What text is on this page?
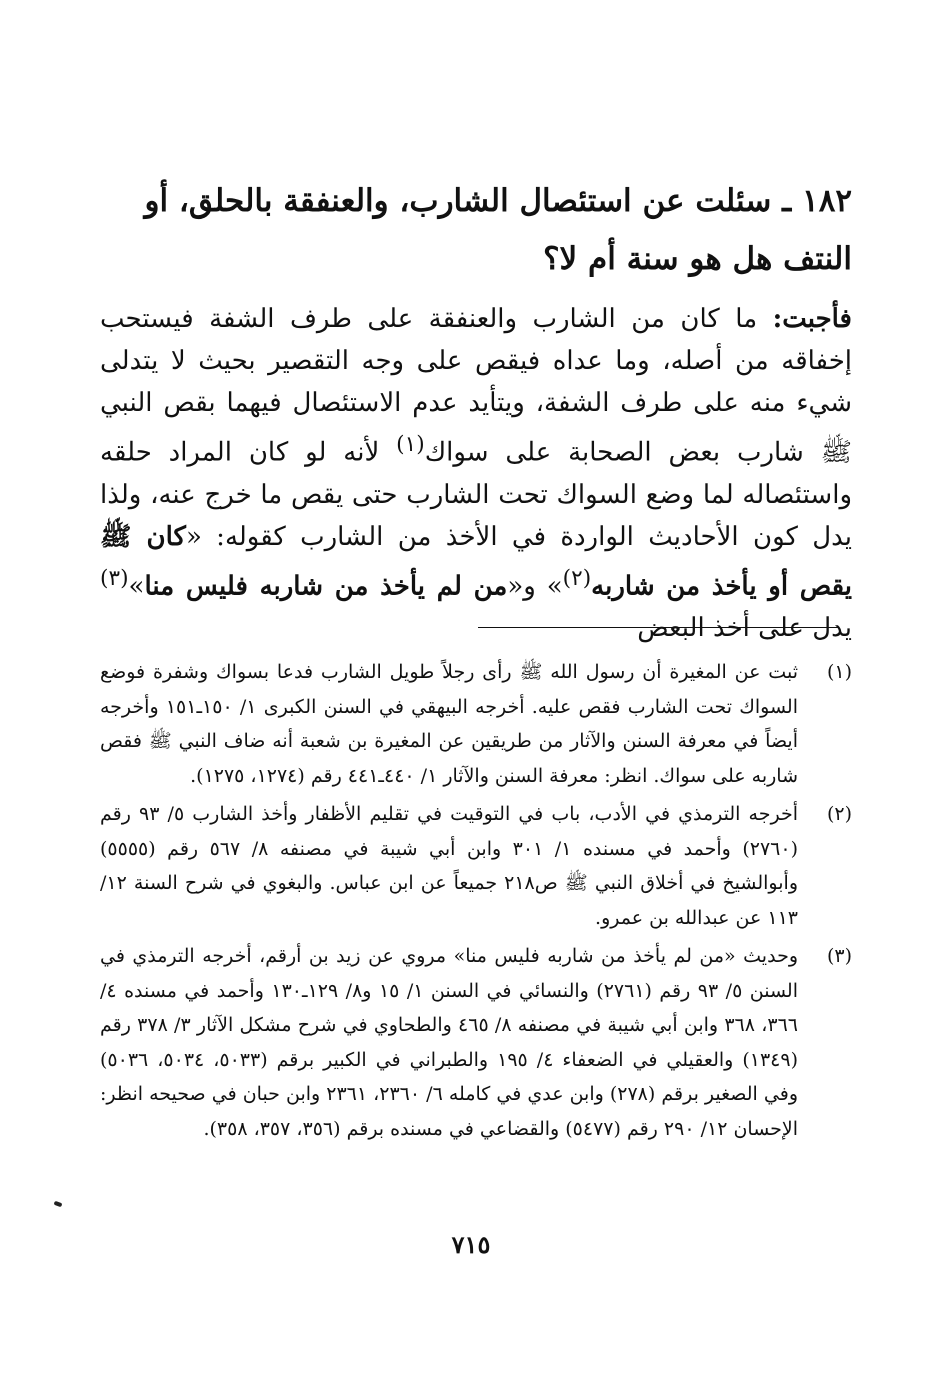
١٨٢ ـ سئلت عن استئصال الشارب، والعنفقة بالحلق، أو النتف هل هو سنة أم لا؟

فأجبت: ما كان من الشارب والعنفقة على طرف الشفة فيستحب إخفاقه من أصله، وما عداه فيقص على وجه التقصير بحيث لا يتدلى شيء منه على طرف الشفة، ويتأيد عدم الاستئصال فيهما بقص النبي ﷺ شارب بعض الصحابة على سواك$^{(١)}$ لأنه لو كان المراد حلقه واستئصاله لما وضع السواك تحت الشارب حتى يقص ما خرج عنه، ولذا يدل كون الأحاديث الواردة في الأخذ من الشارب كقوله: «كان ﷺ يقص أو يأخذ من شاربه$^{(٢)}$» و«من لم يأخذ من شاربه فليس منا»$^{(٣)}$ يدل على أخذ البعض

(١)
ثبت عن المغيرة أن رسول الله ﷺ رأى رجلاً طويل الشارب فدعا بسواك وشفرة فوضع السواك تحت الشارب فقص عليه. أخرجه البيهقي في السنن الكبرى ١/ ١٥٠ـ١٥١ وأخرجه أيضاً في معرفة السنن والآثار من طريقين عن المغيرة بن شعبة أنه ضاف النبي ﷺ فقص شاربه على سواك. انظر: معرفة السنن والآثار ١/ ٤٤٠ـ٤٤١ رقم (١٢٧٤، ١٢٧٥).
(٢)
أخرجه الترمذي في الأدب، باب في التوقيت في تقليم الأظفار وأخذ الشارب ٥/ ٩٣ رقم (٢٧٦٠) وأحمد في مسنده ١/ ٣٠١ وابن أبي شيبة في مصنفه ٨/ ٥٦٧ رقم (٥٥٥٥) وأبوالشيخ في أخلاق النبي ﷺ ص٢١٨ جميعاً عن ابن عباس. والبغوي في شرح السنة ١٢/ ١١٣ عن عبدالله بن عمرو.
(٣)
وحديث «من لم يأخذ من شاربه فليس منا» مروي عن زيد بن أرقم، أخرجه الترمذي في السنن ٥/ ٩٣ رقم (٢٧٦١) والنسائي في السنن ١/ ١٥ و٨/ ١٢٩ـ١٣٠ وأحمد في مسنده ٤/ ٣٦٦، ٣٦٨ وابن أبي شيبة في مصنفه ٨/ ٤٦٥ والطحاوي في شرح مشكل الآثار ٣/ ٣٧٨ رقم (١٣٤٩) والعقيلي في الضعفاء ٤/ ١٩٥ والطبراني في الكبير برقم (٥٠٣٣، ٥٠٣٤، ٥٠٣٦) وفي الصغير برقم (٢٧٨) وابن عدي في كامله ٦/ ٢٣٦٠، ٢٣٦١ وابن حبان في صحيحه انظر: الإحسان ١٢/ ٢٩٠ رقم (٥٤٧٧) والقضاعي في مسنده برقم (٣٥٦، ٣٥٧، ٣٥٨).
٧١٥
